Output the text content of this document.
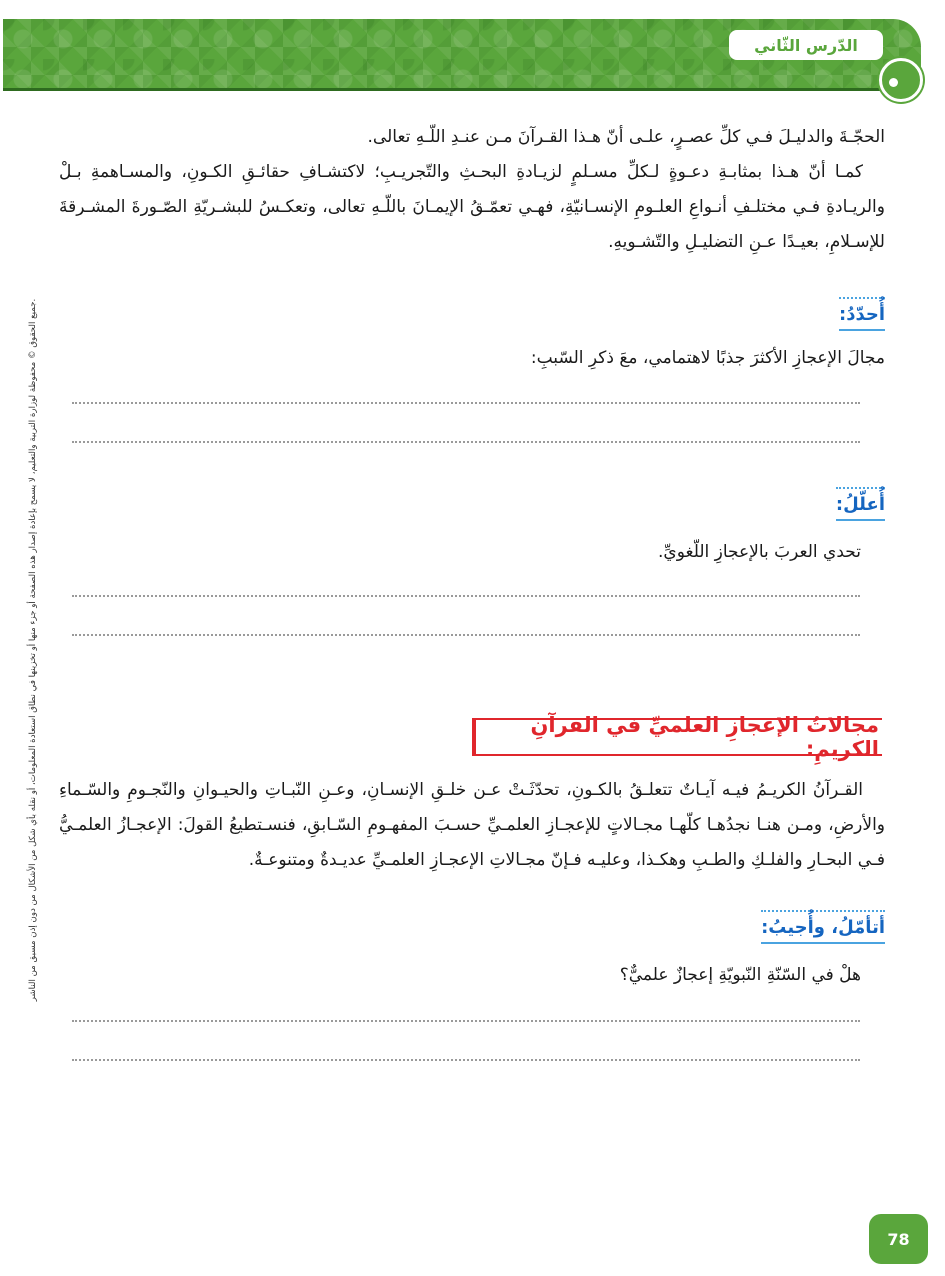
الدّرس الثّاني
جميع الحقوق © محفوظة لوزارة التربية والتعليم، لا يسمح بإعادة إصدار هذه الصفحة أو جزء منها أو تخزينها في نطاق استعادة المعلومات، أو نقله بأي شكل من الأشكال من دون إذن مسبق من الناشر.

الحجّـةَ والدليـلَ فـي كلِّ عصـرٍ، علـى أنّ هـذا القـرآنَ مـن عنـدِ اللّـهِ تعالى.

كمـا أنّ هـذا بمثابـةِ دعـوةٍ لـكلِّ مسـلمٍ لزيـادةِ البحـثِ والتّجريـبِ؛ لاكتشـافِ حقائـقِ الكـونِ، والمسـاهمةِ بـلْ والريـادةِ فـي مختلـفِ أنـواعِ العلـومِ الإنسـانيّةِ، فهـي تعمّـقُ الإيمـانَ باللّـهِ تعالى، وتعكـسُ للبشـريّةِ الصّـورةَ المشـرقةَ للإسـلامِ، بعيـدًا عـنِ التضليـلِ والتّشـويهِ.

أُحدّدُ:

مجالَ الإعجازِ الأكثرَ جذبًا لاهتمامي، معَ ذكرِ السّببِ:

أُعلّلُ:

تحدي العربَ بالإعجازِ اللّغويِّ.

مجالاتُ الإعجازِ العلميِّ في القرآنِ الكريمِ:

القـرآنُ الكريـمُ فيـه آيـاتٌ تتعلـقُ بالكـونِ، تحدّثَـتْ عـن خلـقِ الإنسـانِ، وعـنِ النّبـاتِ والحيـوانِ والنّجـومِ والسّـماءِ والأرضِ، ومـن هنـا نجدُهـا كلّهـا مجـالاتٍ للإعجـازِ العلمـيِّ حسـبَ المفهـومِ السّـابقِ، فنسـتطيعُ القولَ: الإعجـازُ العلمـيُّ فـي البحـارِ والفلـكِ والطـبِ وهكـذا، وعليـه فـإنّ مجـالاتِ الإعجـازِ العلمـيِّ عديـدةٌ ومتنوعـةٌ.

أتأمّلُ، وأُجيبُ:

هلْ في السّنّةِ النّبويّةِ إعجازٌ علميٌّ؟

78
